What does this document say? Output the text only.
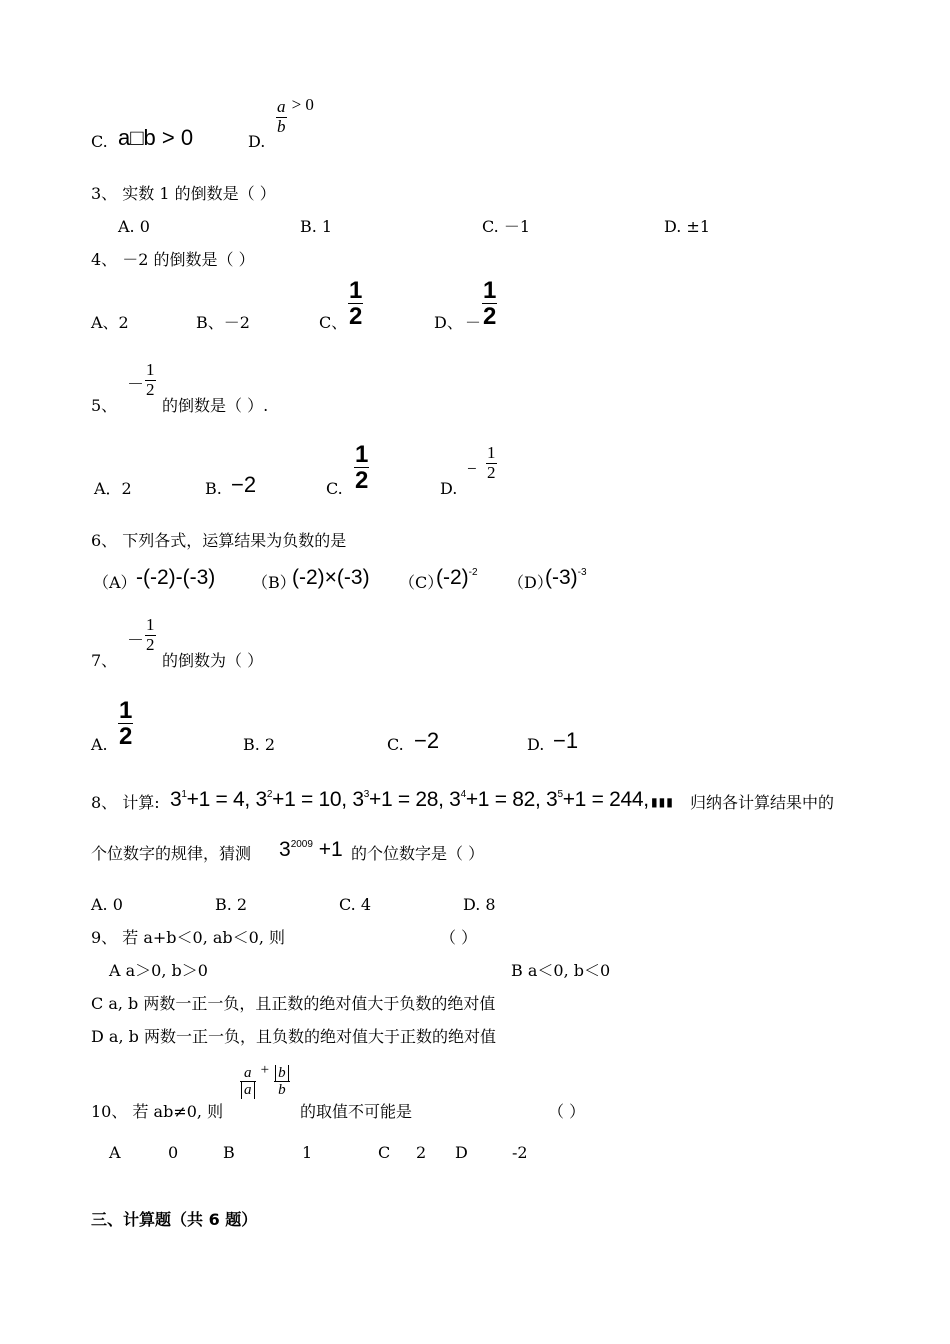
C. a□b > 0	D.
$\frac{a}{b} > 0$
3、 实数 1 的倒数是（ ）
A. 0	B. 1	C. －1	D. ±1
4、 －2 的倒数是（ ）
A、2	B、－2	C、 $\frac{1}{2}$	D、 － $\frac{1}{2}$
5、
－ $\frac{1}{2}$
的倒数是（ ）.
A．2	B. −2	C. $\frac{1}{2}$	D.
− $\frac{1}{2}$
6、 下列各式，运算结果为负数的是
（A） -(-2)-(-3) （B）
(-2)×(-3) （C）
$(-2)^{-2}$
（D）
$(-3)^{-3}$
7、
－ $\frac{1}{2}$
的倒数为（ ）
A. $\frac{1}{2}$	B. 2	C. −2	D. −1
8、 计算: $3^1+1 = 4$, $3^2+1 = 10$, $3^3+1 = 28$, $3^4+1 = 82$, $3^5+1 = 244$, ▮▮▮ 归纳各计算结果中的
个位数字的规律，猜测 $3^{2009} +1$ 的个位数字是（ ）
A. 0	B. 2	C. 4	D. 8
9、 若 a+b＜0, ab＜0, 则	（ ）
A a＞0, b＞0	B a＜0, b＜0
C a, b 两数一正一负，且正数的绝对值大于负数的绝对值
D a, b 两数一正一负，且负数的绝对值大于正数的绝对值
10、 若 ab≠0, 则
$\frac{a}{a} + \frac{b}{b}$
的取值不可能是	（ ）
A	0	B	1	C 2 D	-2
三、计算题（共 6 题）
